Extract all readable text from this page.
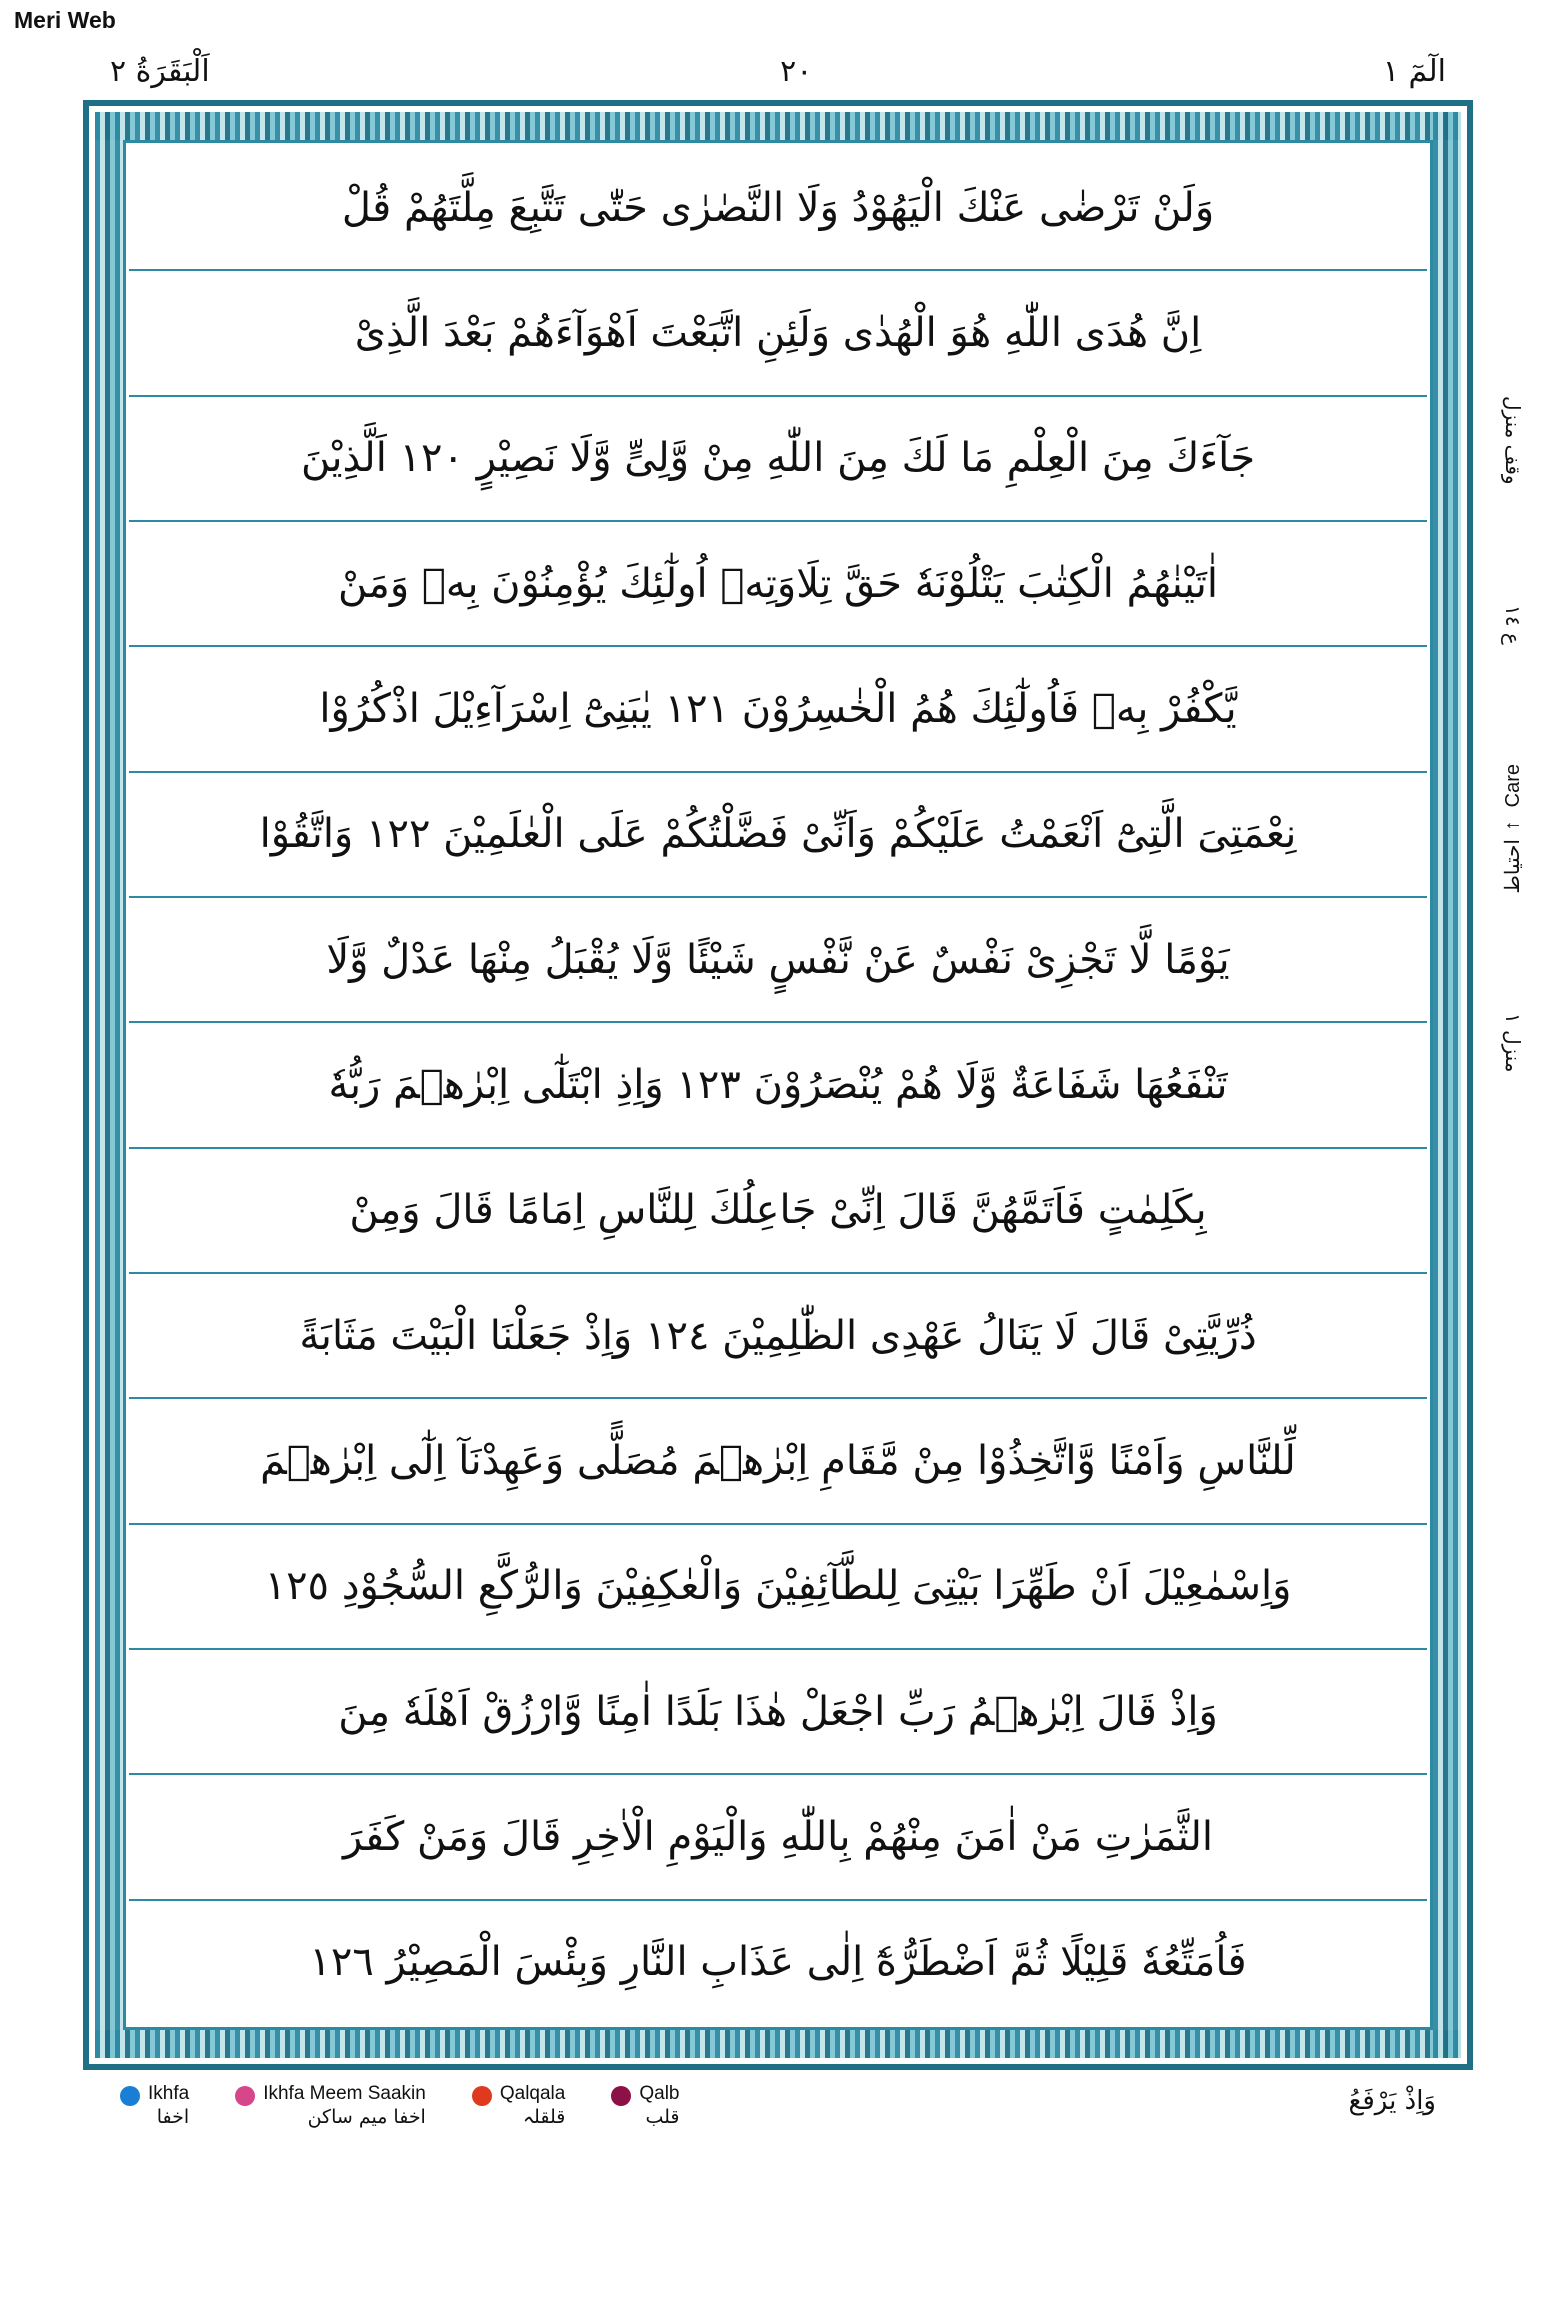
Meri Web
الٓمٓ ١
٢٠
اَلْبَقَرَةُ ٢
وَلَنْ تَرْضٰى عَنْكَ الْيَهُوْدُ وَلَا النَّصٰرٰى حَتّٰى تَتَّبِعَ مِلَّتَهُمْ قُلْ
اِنَّ هُدَى اللّٰهِ هُوَ الْهُدٰى وَلَئِنِ اتَّبَعْتَ اَهْوَآءَهُمْ بَعْدَ الَّذِىْ
جَآءَكَ مِنَ الْعِلْمِ مَا لَكَ مِنَ اللّٰهِ مِنْ وَّلِىٍّ وَّلَا نَصِيْرٍ ١٢٠ اَلَّذِيْنَ
اٰتَيْنٰهُمُ الْكِتٰبَ يَتْلُوْنَهٗ حَقَّ تِلَاوَتِهٖ اُولٰٓئِكَ يُؤْمِنُوْنَ بِهٖ وَمَنْ
يَّكْفُرْ بِهٖ فَاُولٰٓئِكَ هُمُ الْخٰسِرُوْنَ ١٢١ يٰبَنِىْٓ اِسْرَآءِيْلَ اذْكُرُوْا
نِعْمَتِىَ الَّتِىْٓ اَنْعَمْتُ عَلَيْكُمْ وَاَنِّىْ فَضَّلْتُكُمْ عَلَى الْعٰلَمِيْنَ ١٢٢ وَاتَّقُوْا
يَوْمًا لَّا تَجْزِىْ نَفْسٌ عَنْ نَّفْسٍ شَيْئًا وَّلَا يُقْبَلُ مِنْهَا عَدْلٌ وَّلَا
تَنْفَعُهَا شَفَاعَةٌ وَّلَا هُمْ يُنْصَرُوْنَ ١٢٣ وَاِذِ ابْتَلٰٓى اِبْرٰهٖمَ رَبُّهٗ
بِكَلِمٰتٍ فَاَتَمَّهُنَّ قَالَ اِنِّىْ جَاعِلُكَ لِلنَّاسِ اِمَامًا قَالَ وَمِنْ
ذُرِّيَّتِىْ قَالَ لَا يَنَالُ عَهْدِى الظّٰلِمِيْنَ ١٢٤ وَاِذْ جَعَلْنَا الْبَيْتَ مَثَابَةً
لِّلنَّاسِ وَاَمْنًا وَّاتَّخِذُوْا مِنْ مَّقَامِ اِبْرٰهٖمَ مُصَلًّى وَعَهِدْنَآ اِلٰٓى اِبْرٰهٖمَ
وَاِسْمٰعِيْلَ اَنْ طَهِّرَا بَيْتِىَ لِلطَّآئِفِيْنَ وَالْعٰكِفِيْنَ وَالرُّكَّعِ السُّجُوْدِ ١٢٥
وَاِذْ قَالَ اِبْرٰهٖمُ رَبِّ اجْعَلْ هٰذَا بَلَدًا اٰمِنًا وَّارْزُقْ اَهْلَهٗ مِنَ
الثَّمَرٰتِ مَنْ اٰمَنَ مِنْهُمْ بِاللّٰهِ وَالْيَوْمِ الْاٰخِرِ قَالَ وَمَنْ كَفَرَ
فَاُمَتِّعُهٗ قَلِيْلًا ثُمَّ اَضْطَرُّهٗٓ اِلٰى عَذَابِ النَّارِ وَبِئْسَ الْمَصِيْرُ ١٢٦
وقف منزل
ع ١٤
Care
←
احتیاط
منزل ١
Ikhfa
اخفا
Ikhfa Meem Saakin
اخفا میم ساکن
Qalqala
قلقلہ
Qalb
قلب
وَاِذْ يَرْفَعُ
